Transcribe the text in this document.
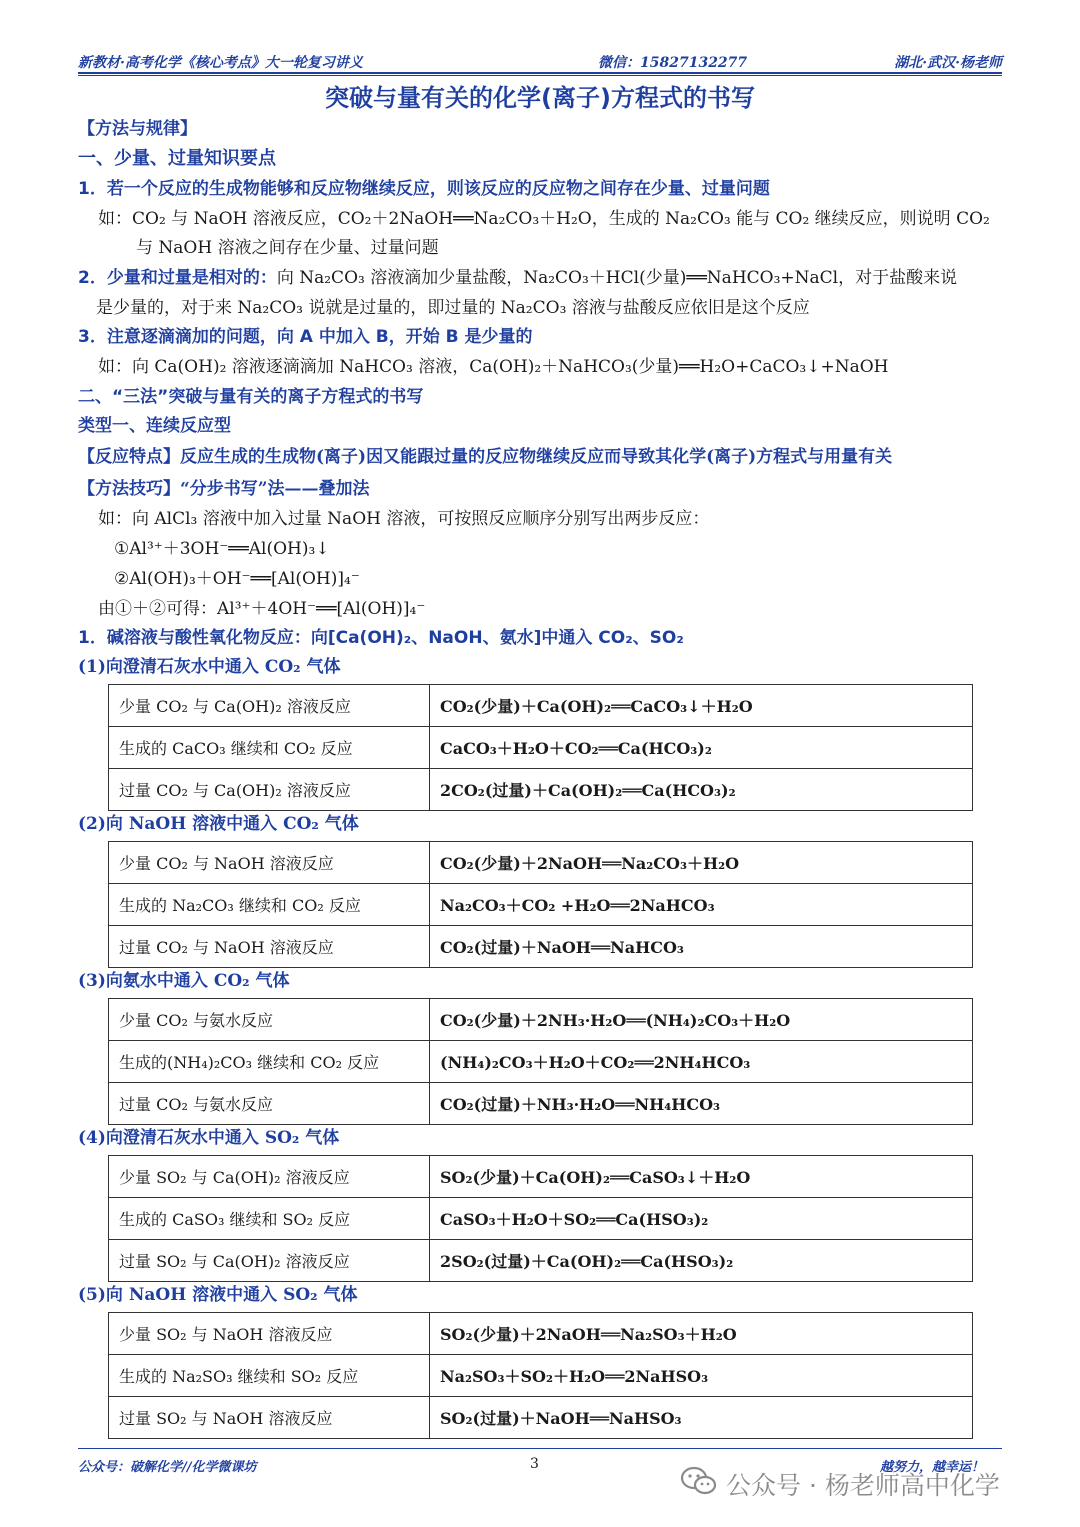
新教材·高考化学《核心考点》大一轮复习讲义	微信：15827132277	湖北·武汉·杨老师
突破与量有关的化学(离子)方程式的书写
【方法与规律】
一、少量、过量知识要点
1．若一个反应的生成物能够和反应物继续反应，则该反应的反应物之间存在少量、过量问题
如：CO₂ 与 NaOH 溶液反应，CO₂＋2NaOH══Na₂CO₃＋H₂O，生成的 Na₂CO₃ 能与 CO₂ 继续反应，则说明 CO₂
与 NaOH 溶液之间存在少量、过量问题
2．少量和过量是相对的：向 Na₂CO₃ 溶液滴加少量盐酸，Na₂CO₃＋HCl(少量)══NaHCO₃+NaCl，对于盐酸来说
是少量的，对于来 Na₂CO₃ 说就是过量的，即过量的 Na₂CO₃ 溶液与盐酸反应依旧是这个反应
3．注意逐滴滴加的问题，向 A 中加入 B，开始 B 是少量的
如：向 Ca(OH)₂ 溶液逐滴滴加 NaHCO₃ 溶液，Ca(OH)₂＋NaHCO₃(少量)══H₂O+CaCO₃↓+NaOH
二、“三法”突破与量有关的离子方程式的书写
类型一、连续反应型
【反应特点】反应生成的生成物(离子)因又能跟过量的反应物继续反应而导致其化学(离子)方程式与用量有关
【方法技巧】“分步书写”法——叠加法
如：向 AlCl₃ 溶液中加入过量 NaOH 溶液，可按照反应顺序分别写出两步反应：
①Al³⁺＋3OH⁻══Al(OH)₃↓
②Al(OH)₃＋OH⁻══[Al(OH)]₄⁻
由①＋②可得：Al³⁺＋4OH⁻══[Al(OH)]₄⁻
1．碱溶液与酸性氧化物反应：向[Ca(OH)₂、NaOH、氨水]中通入 CO₂、SO₂
(1)向澄清石灰水中通入 CO₂ 气体
少量 CO₂ 与 Ca(OH)₂ 溶液反应	CO₂(少量)＋Ca(OH)₂══CaCO₃↓＋H₂O
生成的 CaCO₃ 继续和 CO₂ 反应	CaCO₃＋H₂O＋CO₂══Ca(HCO₃)₂
过量 CO₂ 与 Ca(OH)₂ 溶液反应	2CO₂(过量)＋Ca(OH)₂══Ca(HCO₃)₂
(2)向 NaOH 溶液中通入 CO₂ 气体
少量 CO₂ 与 NaOH 溶液反应	CO₂(少量)＋2NaOH══Na₂CO₃＋H₂O
生成的 Na₂CO₃ 继续和 CO₂ 反应	Na₂CO₃＋CO₂ +H₂O══2NaHCO₃
过量 CO₂ 与 NaOH 溶液反应	CO₂(过量)＋NaOH══NaHCO₃
(3)向氨水中通入 CO₂ 气体
少量 CO₂ 与氨水反应	CO₂(少量)＋2NH₃·H₂O══(NH₄)₂CO₃＋H₂O
生成的(NH₄)₂CO₃ 继续和 CO₂ 反应	(NH₄)₂CO₃＋H₂O＋CO₂══2NH₄HCO₃
过量 CO₂ 与氨水反应	CO₂(过量)＋NH₃·H₂O══NH₄HCO₃
(4)向澄清石灰水中通入 SO₂ 气体
少量 SO₂ 与 Ca(OH)₂ 溶液反应	SO₂(少量)＋Ca(OH)₂══CaSO₃↓＋H₂O
生成的 CaSO₃ 继续和 SO₂ 反应	CaSO₃＋H₂O＋SO₂══Ca(HSO₃)₂
过量 SO₂ 与 Ca(OH)₂ 溶液反应	2SO₂(过量)＋Ca(OH)₂══Ca(HSO₃)₂
(5)向 NaOH 溶液中通入 SO₂ 气体
少量 SO₂ 与 NaOH 溶液反应	SO₂(少量)＋2NaOH══Na₂SO₃＋H₂O
生成的 Na₂SO₃ 继续和 SO₂ 反应	Na₂SO₃＋SO₂＋H₂O══2NaHSO₃
过量 SO₂ 与 NaOH 溶液反应	SO₂(过量)＋NaOH══NaHSO₃
公众号：破解化学//化学微课坊	3	越努力，越幸运！
公众号 · 杨老师高中化学
